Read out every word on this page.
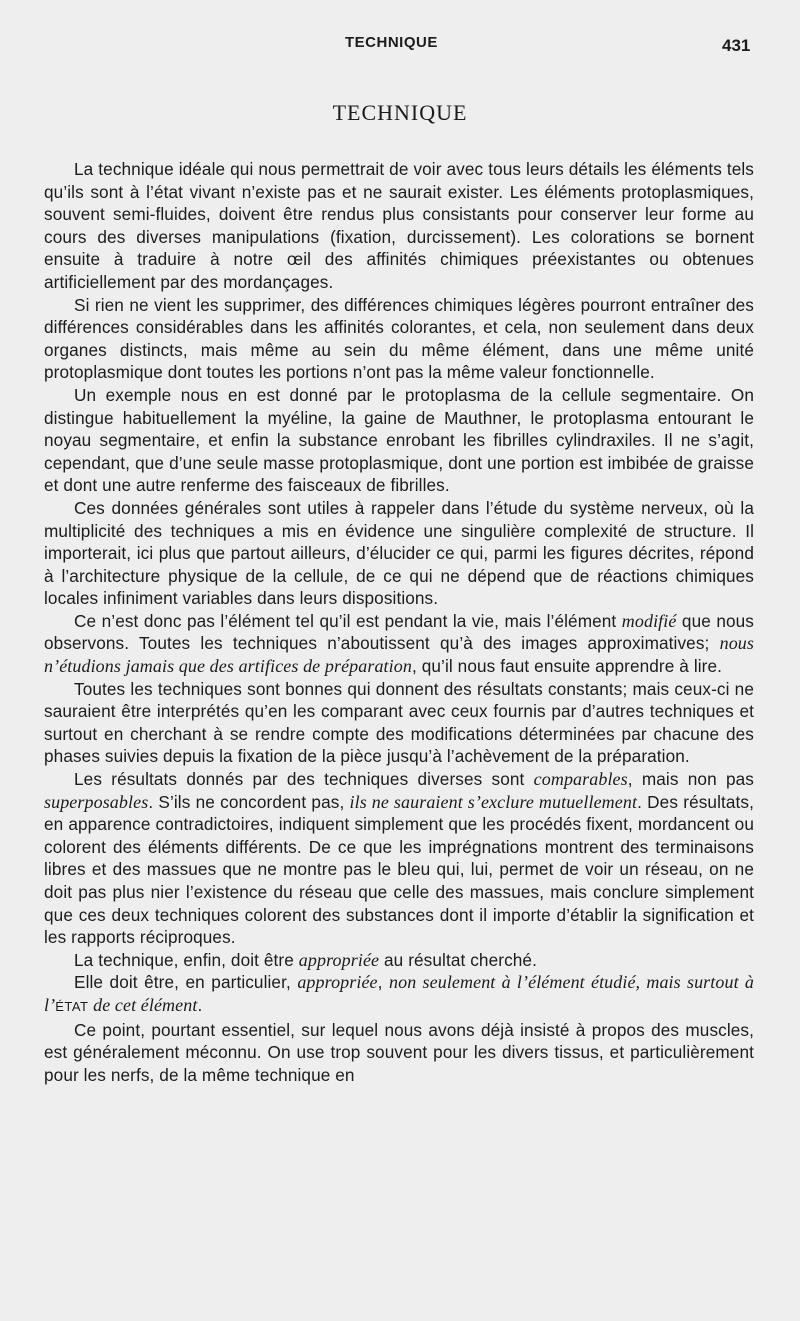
TECHNIQUE	431
TECHNIQUE

La technique idéale qui nous permettrait de voir avec tous leurs détails les éléments tels qu’ils sont à l’état vivant n’existe pas et ne saurait exister. Les éléments protoplasmiques, souvent semi-fluides, doivent être rendus plus consistants pour conserver leur forme au cours des diverses manipulations (fixation, durcissement). Les colorations se bornent ensuite à traduire à notre œil des affinités chimiques préexistantes ou obtenues artificiellement par des mordançages.

Si rien ne vient les supprimer, des différences chimiques légères pourront entraîner des différences considérables dans les affinités colorantes, et cela, non seulement dans deux organes distincts, mais même au sein du même élément, dans une même unité protoplasmique dont toutes les portions n’ont pas la même valeur fonctionnelle.

Un exemple nous en est donné par le protoplasma de la cellule segmentaire. On distingue habituellement la myéline, la gaine de Mauthner, le protoplasma entourant le noyau segmentaire, et enfin la substance enrobant les fibrilles cylindraxiles. Il ne s’agit, cependant, que d’une seule masse protoplasmique, dont une portion est imbibée de graisse et dont une autre renferme des faisceaux de fibrilles.

Ces données générales sont utiles à rappeler dans l’étude du système nerveux, où la multiplicité des techniques a mis en évidence une singulière complexité de structure. Il importerait, ici plus que partout ailleurs, d’élucider ce qui, parmi les figures décrites, répond à l’architecture physique de la cellule, de ce qui ne dépend que de réactions chimiques locales infiniment variables dans leurs dispositions.

Ce n’est donc pas l’élément tel qu’il est pendant la vie, mais l’élément modifié que nous observons. Toutes les techniques n’aboutissent qu’à des images approximatives; nous n’étudions jamais que des artifices de préparation, qu’il nous faut ensuite apprendre à lire.

Toutes les techniques sont bonnes qui donnent des résultats constants; mais ceux-ci ne sauraient être interprétés qu’en les comparant avec ceux fournis par d’autres techniques et surtout en cherchant à se rendre compte des modifications déterminées par chacune des phases suivies depuis la fixation de la pièce jusqu’à l’achèvement de la préparation.

Les résultats donnés par des techniques diverses sont comparables, mais non pas superposables. S’ils ne concordent pas, ils ne sauraient s’exclure mutuellement. Des résultats, en apparence contradictoires, indiquent simplement que les procédés fixent, mordancent ou colorent des éléments différents. De ce que les imprégnations montrent des terminaisons libres et des massues que ne montre pas le bleu qui, lui, permet de voir un réseau, on ne doit pas plus nier l’existence du réseau que celle des massues, mais conclure simplement que ces deux techniques colorent des substances dont il importe d’établir la signification et les rapports réciproques.

La technique, enfin, doit être appropriée au résultat cherché.

Elle doit être, en particulier, appropriée, non seulement à l’élément étudié, mais surtout à l’ÉTAT de cet élément.

Ce point, pourtant essentiel, sur lequel nous avons déjà insisté à propos des muscles, est généralement méconnu. On use trop souvent pour les divers tissus, et particulièrement pour les nerfs, de la même technique en
